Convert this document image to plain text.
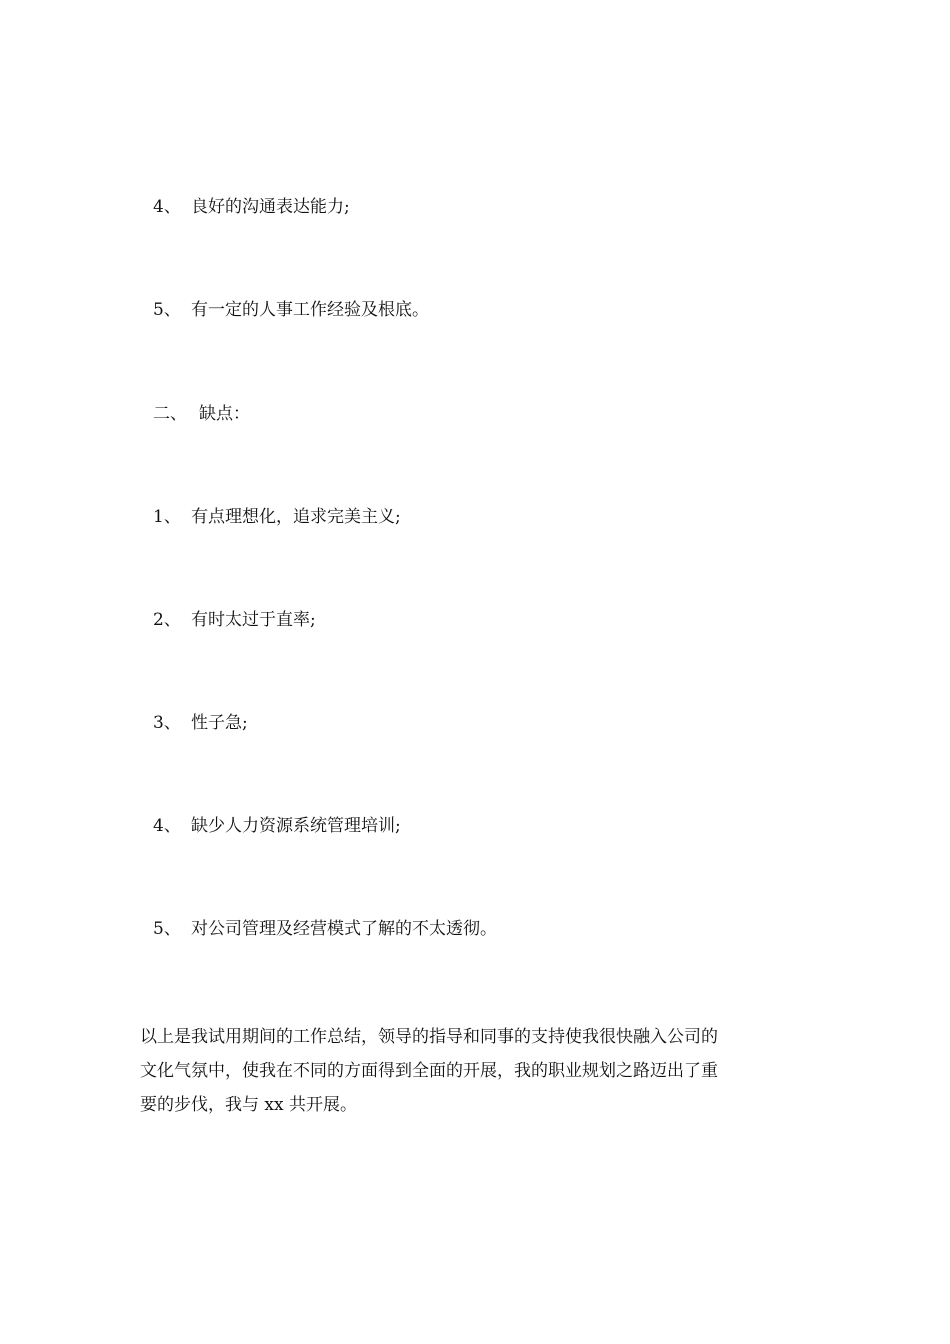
4、 良好的沟通表达能力;
5、 有一定的人事工作经验及根底。
二、 缺点：
1、 有点理想化，追求完美主义;
2、 有时太过于直率;
3、 性子急;
4、 缺少人力资源系统管理培训;
5、 对公司管理及经营模式了解的不太透彻。
以上是我试用期间的工作总结，领导的指导和同事的支持使我很快融入公司的
文化气氛中，使我在不同的方面得到全面的开展，我的职业规划之路迈出了重
要的步伐，我与 xx 共开展。
